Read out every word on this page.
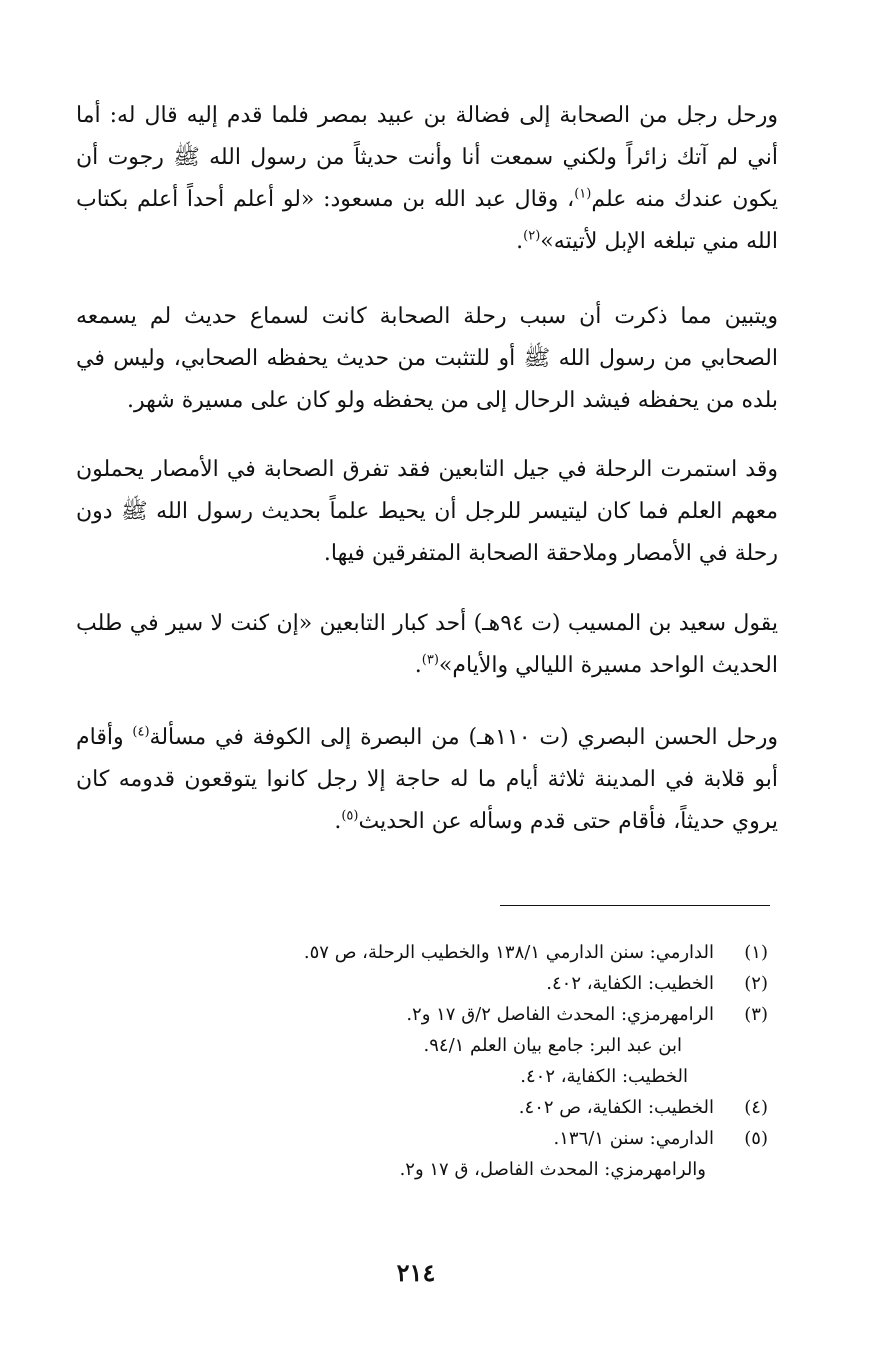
ورحل رجل من الصحابة إلى فضالة بن عبيد بمصر فلما قدم إليه قال له: أما أني لم آتك زائراً ولكني سمعت أنا وأنت حديثاً من رسول الله ﷺ رجوت أن يكون عندك منه علم$^{(١)}$، وقال عبد الله بن مسعود: «لو أعلم أحداً أعلم بكتاب الله مني تبلغه الإبل لأتيته»$^{(٢)}$.
ويتبين مما ذكرت أن سبب رحلة الصحابة كانت لسماع حديث لم يسمعه الصحابي من رسول الله ﷺ أو للتثبت من حديث يحفظه الصحابي، وليس في بلده من يحفظه فيشد الرحال إلى من يحفظه ولو كان على مسيرة شهر.
وقد استمرت الرحلة في جيل التابعين فقد تفرق الصحابة في الأمصار يحملون معهم العلم فما كان ليتيسر للرجل أن يحيط علماً بحديث رسول الله ﷺ دون رحلة في الأمصار وملاحقة الصحابة المتفرقين فيها.
يقول سعيد بن المسيب (ت ٩٤هـ) أحد كبار التابعين «إن كنت لا سير في طلب الحديث الواحد مسيرة الليالي والأيام»$^{(٣)}$.
ورحل الحسن البصري (ت ١١٠هـ) من البصرة إلى الكوفة في مسألة$^{(٤)}$ وأقام أبو قلابة في المدينة ثلاثة أيام ما له حاجة إلا رجل كانوا يتوقعون قدومه كان يروي حديثاً، فأقام حتى قدم وسأله عن الحديث$^{(٥)}$.
(١)
الدارمي: سنن الدارمي ١٣٨/١ والخطيب الرحلة، ص ٥٧.
(٢)
الخطيب: الكفاية، ٤٠٢.
(٣)
الرامهرمزي: المحدث الفاصل ٢/ق ١٧ و٢.
ابن عبد البر: جامع بيان العلم ٩٤/١.
الخطيب: الكفاية، ٤٠٢.
(٤)
الخطيب: الكفاية، ص ٤٠٢.
(٥)
الدارمي: سنن ١٣٦/١.
والرامهرمزي: المحدث الفاصل، ق ١٧ و٢.
٢١٤
